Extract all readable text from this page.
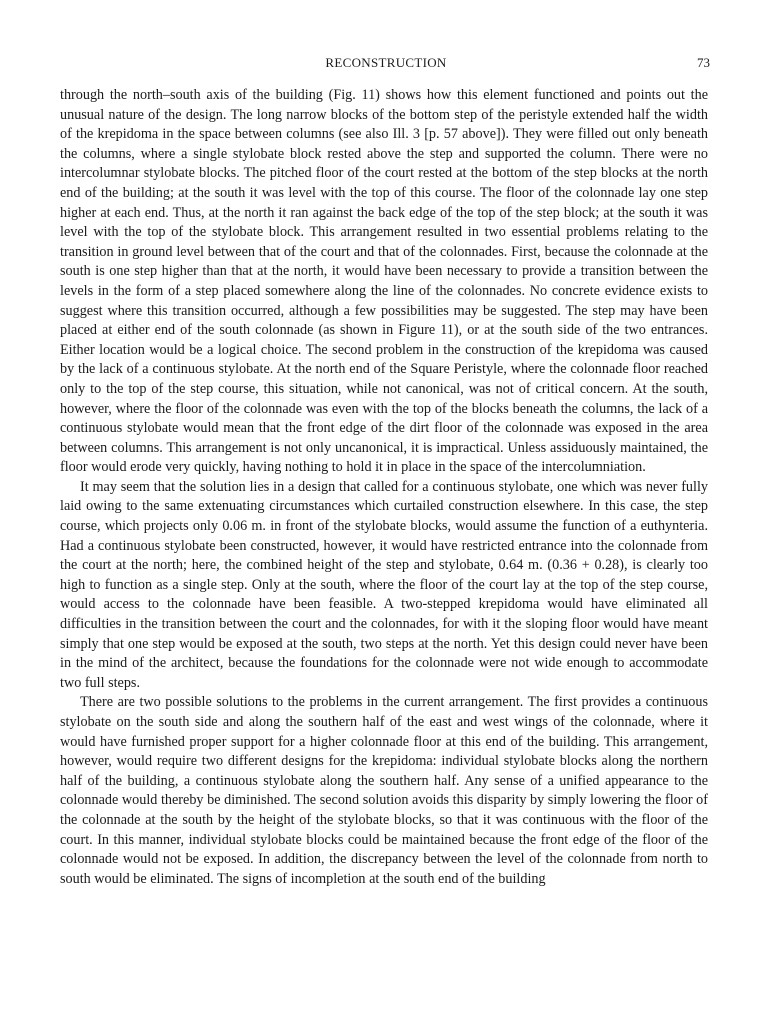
RECONSTRUCTION	73

through the north–south axis of the building (Fig. 11) shows how this element functioned and points out the unusual nature of the design. The long narrow blocks of the bottom step of the peristyle extended half the width of the krepidoma in the space between columns (see also Ill. 3 [p. 57 above]). They were filled out only beneath the columns, where a single stylobate block rested above the step and supported the column. There were no intercolumnar stylobate blocks. The pitched floor of the court rested at the bottom of the step blocks at the north end of the building; at the south it was level with the top of this course. The floor of the colonnade lay one step higher at each end. Thus, at the north it ran against the back edge of the top of the step block; at the south it was level with the top of the stylobate block. This arrangement resulted in two essential problems relating to the transition in ground level between that of the court and that of the colonnades. First, because the colonnade at the south is one step higher than that at the north, it would have been necessary to provide a transition between the levels in the form of a step placed somewhere along the line of the colonnades. No concrete evidence exists to suggest where this transition occurred, although a few possibilities may be suggested. The step may have been placed at either end of the south colonnade (as shown in Figure 11), or at the south side of the two entrances. Either location would be a logical choice. The second problem in the construction of the krepidoma was caused by the lack of a continuous stylobate. At the north end of the Square Peristyle, where the colonnade floor reached only to the top of the step course, this situation, while not canonical, was not of critical concern. At the south, however, where the floor of the colonnade was even with the top of the blocks beneath the columns, the lack of a continuous stylobate would mean that the front edge of the dirt floor of the colonnade was exposed in the area between columns. This arrangement is not only uncanonical, it is impractical. Unless assiduously maintained, the floor would erode very quickly, having nothing to hold it in place in the space of the intercolumniation.

It may seem that the solution lies in a design that called for a continuous stylobate, one which was never fully laid owing to the same extenuating circumstances which curtailed construction elsewhere. In this case, the step course, which projects only 0.06 m. in front of the stylobate blocks, would assume the function of a euthynteria. Had a continuous stylobate been constructed, however, it would have restricted entrance into the colonnade from the court at the north; here, the combined height of the step and stylobate, 0.64 m. (0.36 + 0.28), is clearly too high to function as a single step. Only at the south, where the floor of the court lay at the top of the step course, would access to the colonnade have been feasible. A two-stepped krepidoma would have eliminated all difficulties in the transition between the court and the colonnades, for with it the sloping floor would have meant simply that one step would be exposed at the south, two steps at the north. Yet this design could never have been in the mind of the architect, because the foundations for the colonnade were not wide enough to accommodate two full steps.

There are two possible solutions to the problems in the current arrangement. The first provides a continuous stylobate on the south side and along the southern half of the east and west wings of the colonnade, where it would have furnished proper support for a higher colonnade floor at this end of the building. This arrangement, however, would require two different designs for the krepidoma: individual stylobate blocks along the northern half of the building, a continuous stylobate along the southern half. Any sense of a unified appearance to the colonnade would thereby be diminished. The second solution avoids this disparity by simply lowering the floor of the colonnade at the south by the height of the stylobate blocks, so that it was continuous with the floor of the court. In this manner, individual stylobate blocks could be maintained because the front edge of the floor of the colonnade would not be exposed. In addition, the discrepancy between the level of the colonnade from north to south would be eliminated. The signs of incompletion at the south end of the building
